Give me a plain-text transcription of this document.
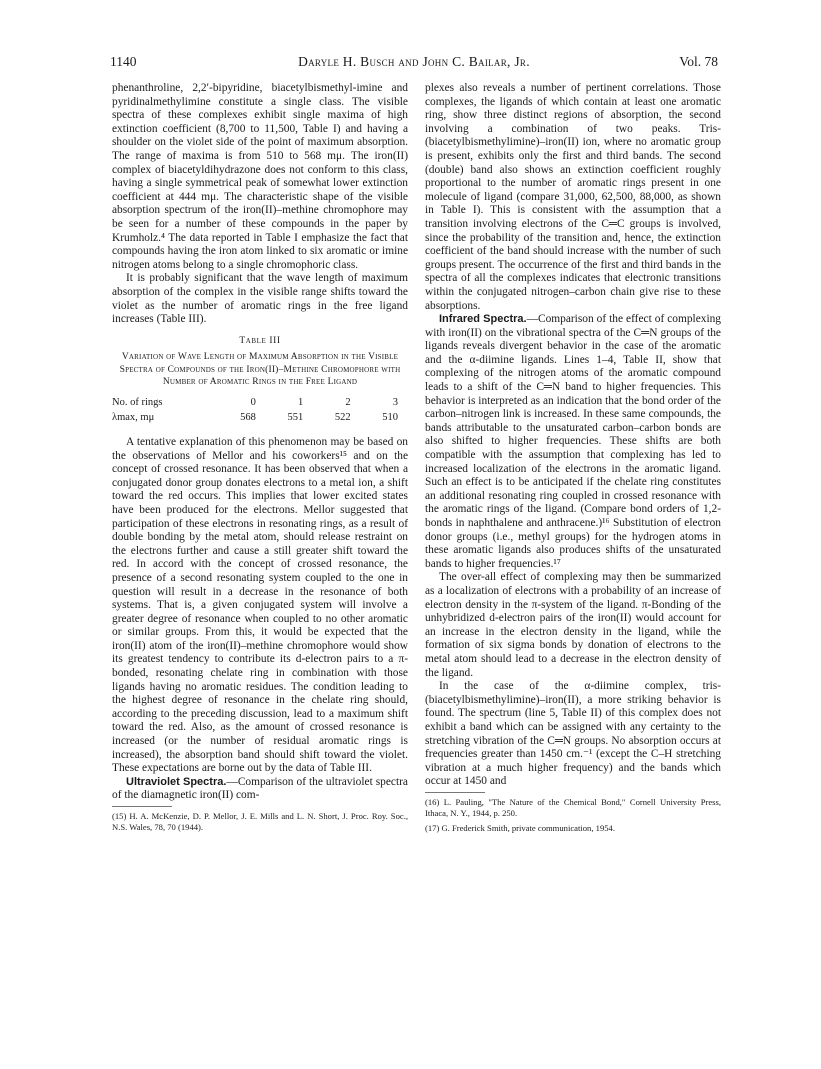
1140	Daryle H. Busch and John C. Bailar, Jr.	Vol. 78

phenanthroline, 2,2′-bipyridine, biacetylbismethyl-imine and pyridinalmethylimine constitute a single class. The visible spectra of these complexes exhibit single maxima of high extinction coefficient (8,700 to 11,500, Table I) and having a shoulder on the violet side of the point of maximum absorption. The range of maxima is from 510 to 568 mμ. The iron(II) complex of biacetyldihydrazone does not conform to this class, having a single symmetrical peak of somewhat lower extinction coefficient at 444 mμ. The characteristic shape of the visible absorption spectrum of the iron(II)–methine chromophore may be seen for a number of these compounds in the paper by Krumholz.⁴ The data reported in Table I emphasize the fact that compounds having the iron atom linked to six aromatic or imine nitrogen atoms belong to a single chromophoric class.

It is probably significant that the wave length of maximum absorption of the complex in the visible range shifts toward the violet as the number of aromatic rings in the free ligand increases (Table III).

Table III
Variation of Wave Length of Maximum Absorption in the Visible Spectra of Compounds of the Iron(II)–Methine Chromophore with Number of Aromatic Rings in the Free Ligand
No. of rings	0	1	2	3
λmax, mμ	568	551	522	510

A tentative explanation of this phenomenon may be based on the observations of Mellor and his coworkers¹⁵ and on the concept of crossed resonance. It has been observed that when a conjugated donor group donates electrons to a metal ion, a shift toward the red occurs. This implies that lower excited states have been produced for the electrons. Mellor suggested that participation of these electrons in resonating rings, as a result of double bonding by the metal atom, should release restraint on the electrons further and cause a still greater shift toward the red. In accord with the concept of crossed resonance, the presence of a second resonating system coupled to the one in question will result in a decrease in the resonance of both systems. That is, a given conjugated system will involve a greater degree of resonance when coupled to no other aromatic or similar groups. From this, it would be expected that the iron(II) atom of the iron(II)–methine chromophore would show its greatest tendency to contribute its d-electron pairs to a π-bonded, resonating chelate ring in combination with those ligands having no aromatic residues. The condition leading to the highest degree of resonance in the chelate ring should, according to the preceding discussion, lead to a maximum shift toward the red. Also, as the amount of crossed resonance is increased (or the number of residual aromatic rings is increased), the absorption band should shift toward the violet. These expectations are borne out by the data of Table III.

Ultraviolet Spectra.—Comparison of the ultraviolet spectra of the diamagnetic iron(II) com-

(15) H. A. McKenzie, D. P. Mellor, J. E. Mills and L. N. Short, J. Proc. Roy. Soc., N.S. Wales, 78, 70 (1944).

plexes also reveals a number of pertinent correlations. Those complexes, the ligands of which contain at least one aromatic ring, show three distinct regions of absorption, the second involving a combination of two peaks. Tris-(biacetylbismethylimine)–iron(II) ion, where no aromatic group is present, exhibits only the first and third bands. The second (double) band also shows an extinction coefficient roughly proportional to the number of aromatic rings present in one molecule of ligand (compare 31,000, 62,500, 88,000, as shown in Table I). This is consistent with the assumption that a transition involving electrons of the C═C groups is involved, since the probability of the transition and, hence, the extinction coefficient of the band should increase with the number of such groups present. The occurrence of the first and third bands in the spectra of all the complexes indicates that electronic transitions within the conjugated nitrogen–carbon chain give rise to these absorptions.

Infrared Spectra.—Comparison of the effect of complexing with iron(II) on the vibrational spectra of the C═N groups of the ligands reveals divergent behavior in the case of the aromatic and the α-diimine ligands. Lines 1–4, Table II, show that complexing of the nitrogen atoms of the aromatic compound leads to a shift of the C═N band to higher frequencies. This behavior is interpreted as an indication that the bond order of the carbon–nitrogen link is increased. In these same compounds, the bands attributable to the unsaturated carbon–carbon bonds are also shifted to higher frequencies. These shifts are both compatible with the assumption that complexing has led to increased localization of the electrons in the aromatic ligand. Such an effect is to be anticipated if the chelate ring constitutes an additional resonating ring coupled in crossed resonance with the aromatic rings of the ligand. (Compare bond orders of 1,2-bonds in naphthalene and anthracene.)¹⁶ Substitution of electron donor groups (i.e., methyl groups) for the hydrogen atoms in these aromatic ligands also produces shifts of the unsaturated bands to higher frequencies.¹⁷

The over-all effect of complexing may then be summarized as a localization of electrons with a probability of an increase of electron density in the π-system of the ligand. π-Bonding of the unhybridized d-electron pairs of the iron(II) would account for an increase in the electron density in the ligand, while the formation of six sigma bonds by donation of electrons to the metal atom should lead to a decrease in the electron density of the ligand.

In the case of the α-diimine complex, tris-(biacetylbismethylimine)–iron(II), a more striking behavior is found. The spectrum (line 5, Table II) of this complex does not exhibit a band which can be assigned with any certainty to the stretching vibration of the C═N groups. No absorption occurs at frequencies greater than 1450 cm.⁻¹ (except the C–H stretching vibration at a much higher frequency) and the bands which occur at 1450 and

(16) L. Pauling, "The Nature of the Chemical Bond," Cornell University Press, Ithaca, N. Y., 1944, p. 250.
(17) G. Frederick Smith, private communication, 1954.
